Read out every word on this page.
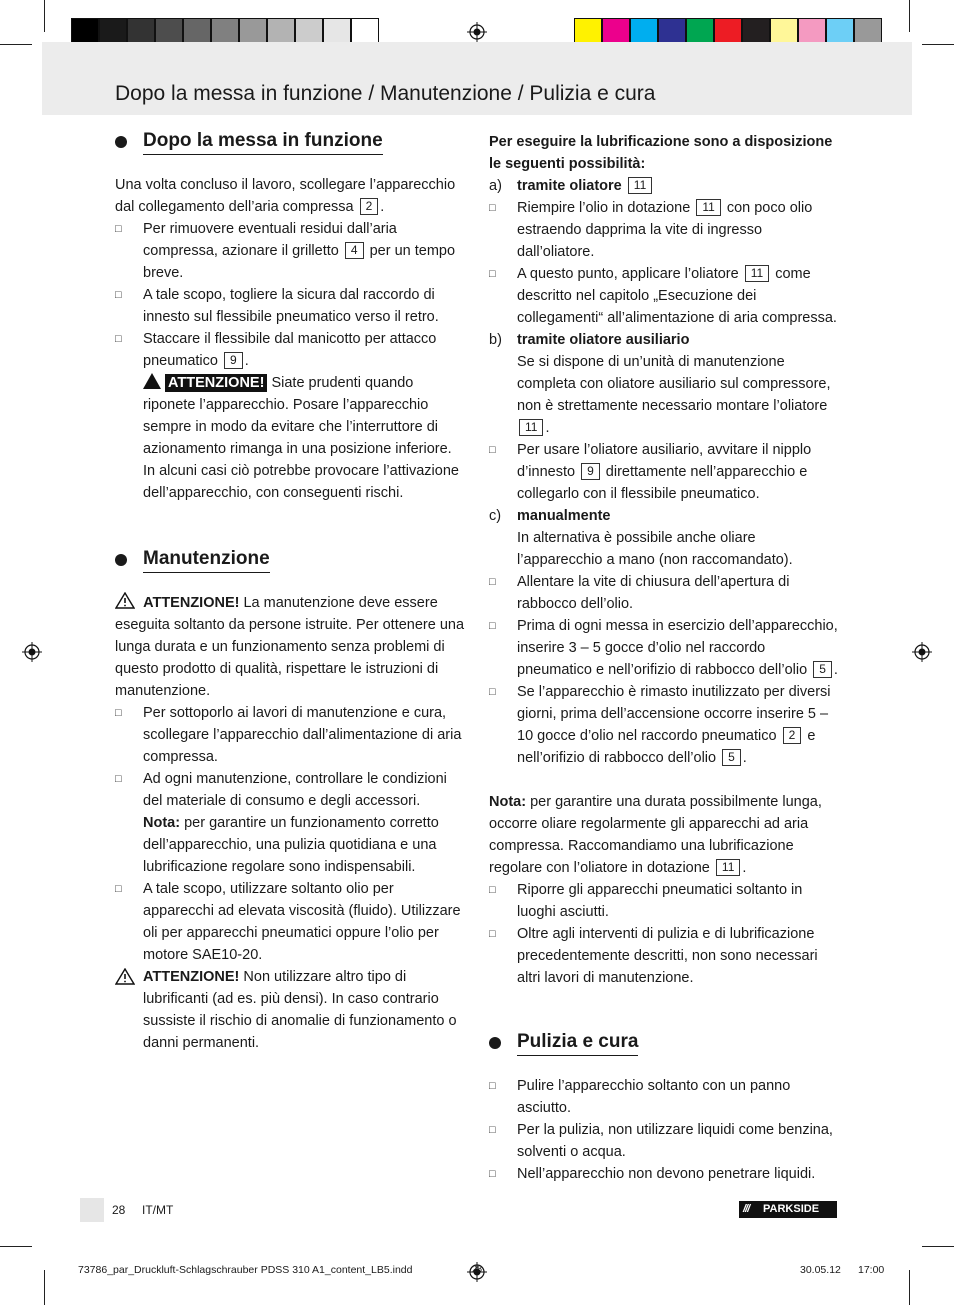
Dopo la messa in funzione / Manutenzione / Pulizia e cura
Dopo la messa in funzione

Una volta concluso il lavoro, scollegare l’apparecchio dal collegamento dell’aria compressa 2 .

□ Per rimuovere eventuali residui dall’aria compressa, azionare il grilletto 4 per un tempo breve.
□ A tale scopo, togliere la sicura dal raccordo di innesto sul flessibile pneumatico verso il retro.
□ Staccare il flessibile dal manicotto per attacco pneumatico 9 .
ATTENZIONE! Siate prudenti quando riponete l’apparecchio. Posare l’apparecchio sempre in modo da evitare che l’interruttore di azionamento rimanga in una posizione inferiore. In alcuni casi ciò potrebbe provocare l’attivazione dell’apparecchio, con conseguenti rischi.
Manutenzione

ATTENZIONE! La manutenzione deve essere eseguita soltanto da persone istruite. Per ottenere una lunga durata e un funzionamento senza problemi di questo prodotto di qualità, rispettare le istruzioni di manutenzione.

□ Per sottoporlo ai lavori di manutenzione e cura, scollegare l’apparecchio dall’alimentazione di aria compressa.
□ Ad ogni manutenzione, controllare le condizioni del materiale di consumo e degli accessori.
Nota: per garantire un funzionamento corretto dell’apparecchio, una pulizia quotidiana e una lubrificazione regolare sono indispensabili.
□ A tale scopo, utilizzare soltanto olio per apparecchi ad elevata viscosità (fluido). Utilizzare oli per apparecchi pneumatici oppure l’olio per motore SAE10-20.
ATTENZIONE! Non utilizzare altro tipo di lubrificanti (ad es. più densi). In caso contrario sussiste il rischio di anomalie di funzionamento o danni permanenti.

Per eseguire la lubrificazione sono a disposizione le seguenti possibilità:

a) tramite oliatore 11
□ Riempire l’olio in dotazione 11 con poco olio estraendo dapprima la vite di ingresso dall’oliatore.
□ A questo punto, applicare l’oliatore 11 come descritto nel capitolo „Esecuzione dei collegamenti“ all’alimentazione di aria compressa.
b) tramite oliatore ausiliario
Se si dispone di un’unità di manutenzione completa con oliatore ausiliario sul compressore, non è strettamente necessario montare l’oliatore 11 .
□ Per usare l’oliatore ausiliario, avvitare il nipplo d’innesto 9 direttamente nell’apparecchio e collegarlo con il flessibile pneumatico.
c) manualmente
In alternativa è possibile anche oliare l’apparecchio a mano (non raccomandato).
□ Allentare la vite di chiusura dell’apertura di rabbocco dell’olio.
□ Prima di ogni messa in esercizio dell’apparecchio, inserire 3 – 5 gocce d’olio nel raccordo pneumatico e nell’orifizio di rabbocco dell’olio 5 .
□ Se l’apparecchio è rimasto inutilizzato per diversi giorni, prima dell’accensione occorre inserire 5 – 10 gocce d’olio nel raccordo pneumatico 2 e nell’orifizio di rabbocco dell’olio 5 .

Nota: per garantire una durata possibilmente lunga, occorre oliare regolarmente gli apparecchi ad aria compressa. Raccomandiamo una lubrificazione regolare con l’oliatore in dotazione 11 .

□ Riporre gli apparecchi pneumatici soltanto in luoghi asciutti.
□ Oltre agli interventi di pulizia e di lubrificazione precedentemente descritti, non sono necessari altri lavori di manutenzione.
Pulizia e cura
□ Pulire l’apparecchio soltanto con un panno asciutto.
□ Per la pulizia, non utilizzare liquidi come benzina, solventi o acqua.
□ Nell’apparecchio non devono penetrare liquidi.
28 IT/MT	/// PARKSIDE
73786_par_Druckluft-Schlagschrauber PDSS 310 A1_content_LB5.indd	28	30.05.12 17:00
